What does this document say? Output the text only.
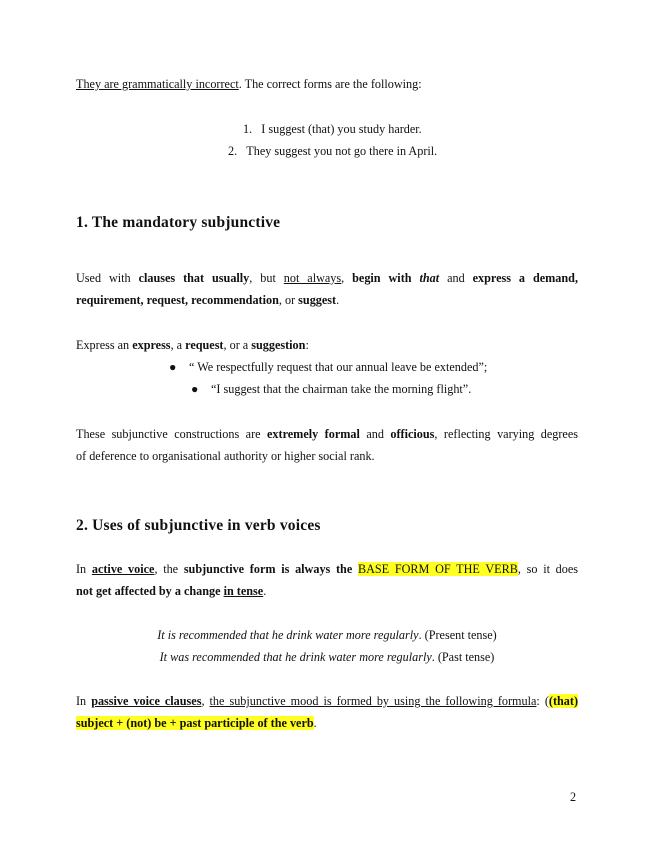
They are grammatically incorrect. The correct forms are the following:
1. I suggest (that) you study harder.
2. They suggest you not go there in April.
1. The mandatory subjunctive
Used with clauses that usually, but not always, begin with that and express a demand,
requirement, request, recommendation, or suggest.
Express an express, a request, or a suggestion:
● “ We respectfully request that our annual leave be extended”;
● “I suggest that the chairman take the morning flight”.
These subjunctive constructions are extremely formal and officious, reflecting varying degrees
of deference to organisational authority or higher social rank.
2. Uses of subjunctive in verb voices
In active voice, the subjunctive form is always the BASE FORM OF THE VERB, so it does
not get affected by a change in tense.
It is recommended that he drink water more regularly. (Present tense)
It was recommended that he drink water more regularly. (Past tense)
In passive voice clauses, the subjunctive mood is formed by using the following formula: ((that)
subject + (not) be + past participle of the verb.
2
